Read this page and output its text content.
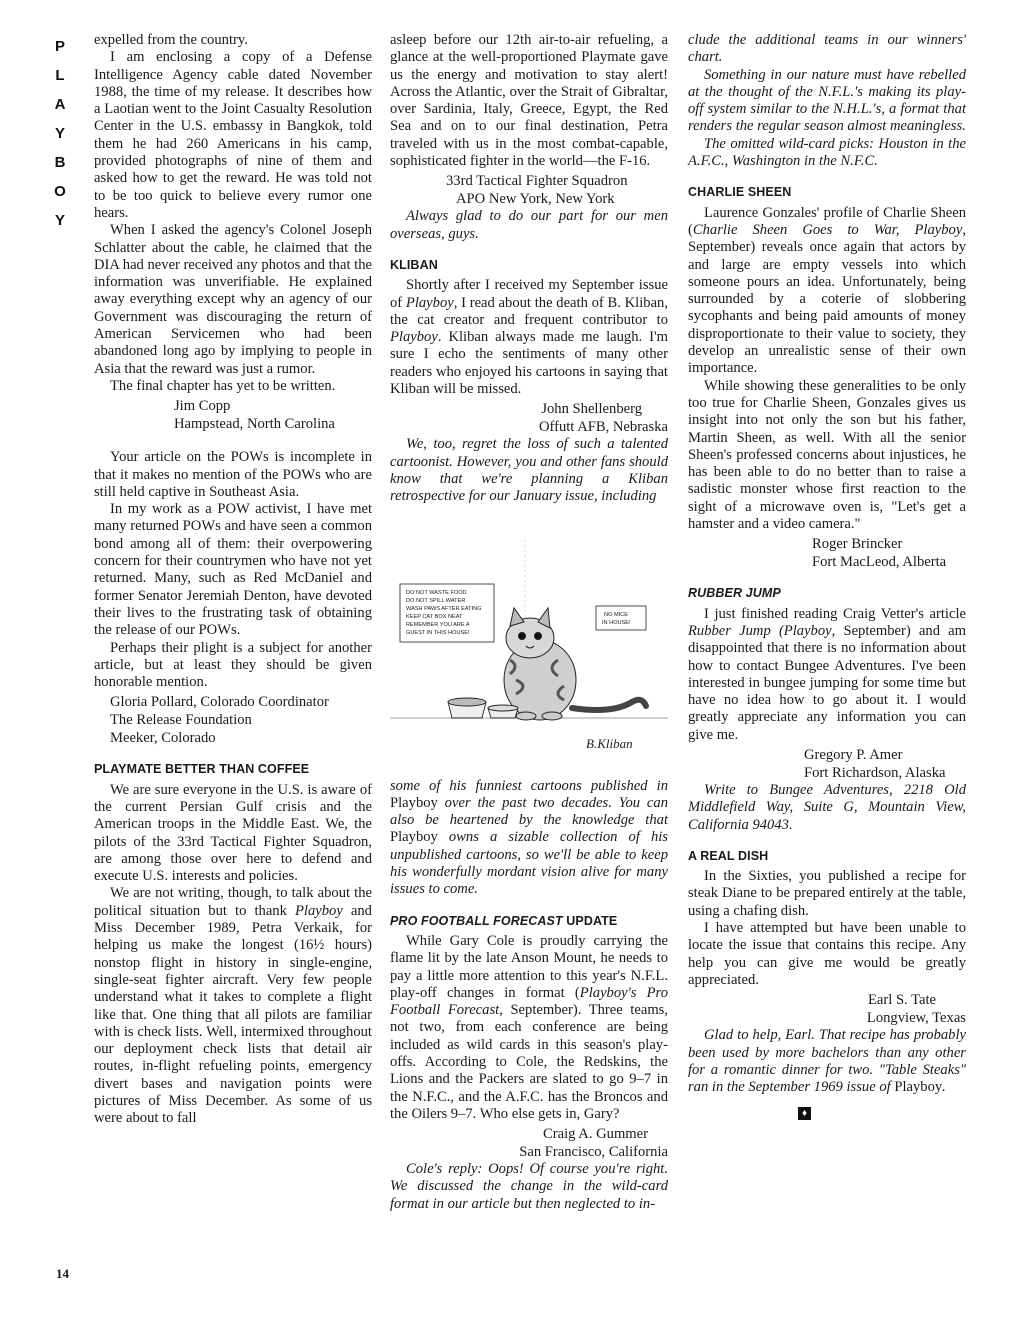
P
L
A
Y
B
O
Y
14

expelled from the country.

I am enclosing a copy of a Defense Intelligence Agency cable dated November 1988, the time of my release. It describes how a Laotian went to the Joint Casualty Resolution Center in the U.S. embassy in Bangkok, told them he had 260 Americans in his camp, provided photographs of nine of them and asked how to get the reward. He was told not to be too quick to believe every rumor one hears.

When I asked the agency's Colonel Joseph Schlatter about the cable, he claimed that the DIA had never received any photos and that the information was unverifiable. He explained away everything except why an agency of our Government was discouraging the return of American Servicemen who had been abandoned long ago by implying to people in Asia that the reward was just a rumor.

The final chapter has yet to be written.

Jim Copp
Hampstead, North Carolina

Your article on the POWs is incomplete in that it makes no mention of the POWs who are still held captive in Southeast Asia.

In my work as a POW activist, I have met many returned POWs and have seen a common bond among all of them: their overpowering concern for their countrymen who have not yet returned. Many, such as Red McDaniel and former Senator Jeremiah Denton, have devoted their lives to the frustrating task of obtaining the release of our POWs.

Perhaps their plight is a subject for another article, but at least they should be given honorable mention.

Gloria Pollard, Colorado Coordinator
The Release Foundation
Meeker, Colorado
PLAYMATE BETTER THAN COFFEE

We are sure everyone in the U.S. is aware of the current Persian Gulf crisis and the American troops in the Middle East. We, the pilots of the 33rd Tactical Fighter Squadron, are among those over here to defend and execute U.S. interests and policies.

We are not writing, though, to talk about the political situation but to thank Playboy and Miss December 1989, Petra Verkaik, for helping us make the longest (16½ hours) nonstop flight in history in single-engine, single-seat fighter aircraft. Very few people understand what it takes to complete a flight like that. One thing that all pilots are familiar with is check lists. Well, intermixed throughout our deployment check lists that detail air routes, in-flight refueling points, emergency divert bases and navigation points were pictures of Miss December. As some of us were about to fall

asleep before our 12th air-to-air refueling, a glance at the well-proportioned Playmate gave us the energy and motivation to stay alert! Across the Atlantic, over the Strait of Gibraltar, over Sardinia, Italy, Greece, Egypt, the Red Sea and on to our final destination, Petra traveled with us in the most combat-capable, sophisticated fighter in the world—the F-16.

33rd Tactical Fighter Squadron
APO New York, New York

Always glad to do our part for our men overseas, guys.

KLIBAN

Shortly after I received my September issue of Playboy, I read about the death of B. Kliban, the cat creator and frequent contributor to Playboy. Kliban always made me laugh. I'm sure I echo the sentiments of many other readers who enjoyed his cartoons in saying that Kliban will be missed.

John Shellenberg
Offutt AFB, Nebraska

We, too, regret the loss of such a talented cartoonist. However, you and other fans should know that we're planning a Kliban retrospective for our January issue, including

DO NOT WASTE FOOD
DO NOT SPILL WATER
WASH PAWS AFTER EATING
KEEP CAT BOX NEAT
REMEMBER YOU ARE A
GUEST IN THIS HOUSE!
NO MICE
IN HOUSE!
B.Kliban

some of his funniest cartoons published in Playboy over the past two decades. You can also be heartened by the knowledge that Playboy owns a sizable collection of his unpublished cartoons, so we'll be able to keep his wonderfully mordant vision alive for many issues to come.

PRO FOOTBALL FORECAST UPDATE

While Gary Cole is proudly carrying the flame lit by the late Anson Mount, he needs to pay a little more attention to this year's N.F.L. play-off changes in format (Playboy's Pro Football Forecast, September). Three teams, not two, from each conference are being included as wild cards in this season's play-offs. According to Cole, the Redskins, the Lions and the Packers are slated to go 9–7 in the N.F.C., and the A.F.C. has the Broncos and the Oilers 9–7. Who else gets in, Gary?

Craig A. Gummer
San Francisco, California

Cole's reply: Oops! Of course you're right. We discussed the change in the wild-card format in our article but then neglected to in-

clude the additional teams in our winners' chart.

Something in our nature must have rebelled at the thought of the N.F.L.'s making its play-off system similar to the N.H.L.'s, a format that renders the regular season almost meaningless.

The omitted wild-card picks: Houston in the A.F.C., Washington in the N.F.C.

CHARLIE SHEEN

Laurence Gonzales' profile of Charlie Sheen (Charlie Sheen Goes to War, Playboy, September) reveals once again that actors by and large are empty vessels into which someone pours an idea. Unfortunately, being surrounded by a coterie of slobbering sycophants and being paid amounts of money disproportionate to their value to society, they develop an unrealistic sense of their own importance.

While showing these generalities to be only too true for Charlie Sheen, Gonzales gives us insight into not only the son but his father, Martin Sheen, as well. With all the senior Sheen's professed concerns about injustices, he has been able to do no better than to raise a sadistic monster whose first reaction to the sight of a microwave oven is, "Let's get a hamster and a video camera."

Roger Brincker
Fort MacLeod, Alberta
RUBBER JUMP

I just finished reading Craig Vetter's article Rubber Jump (Playboy, September) and am disappointed that there is no information about how to contact Bungee Adventures. I've been interested in bungee jumping for some time but have no idea how to go about it. I would greatly appreciate any information you can give me.

Gregory P. Amer
Fort Richardson, Alaska

Write to Bungee Adventures, 2218 Old Middlefield Way, Suite G, Mountain View, California 94043.

A REAL DISH

In the Sixties, you published a recipe for steak Diane to be prepared entirely at the table, using a chafing dish.

I have attempted but have been unable to locate the issue that contains this recipe. Any help you can give me would be greatly appreciated.

Earl S. Tate
Longview, Texas

Glad to help, Earl. That recipe has probably been used by more bachelors than any other for a romantic dinner for two. "Table Steaks" ran in the September 1969 issue of Playboy.

♦
